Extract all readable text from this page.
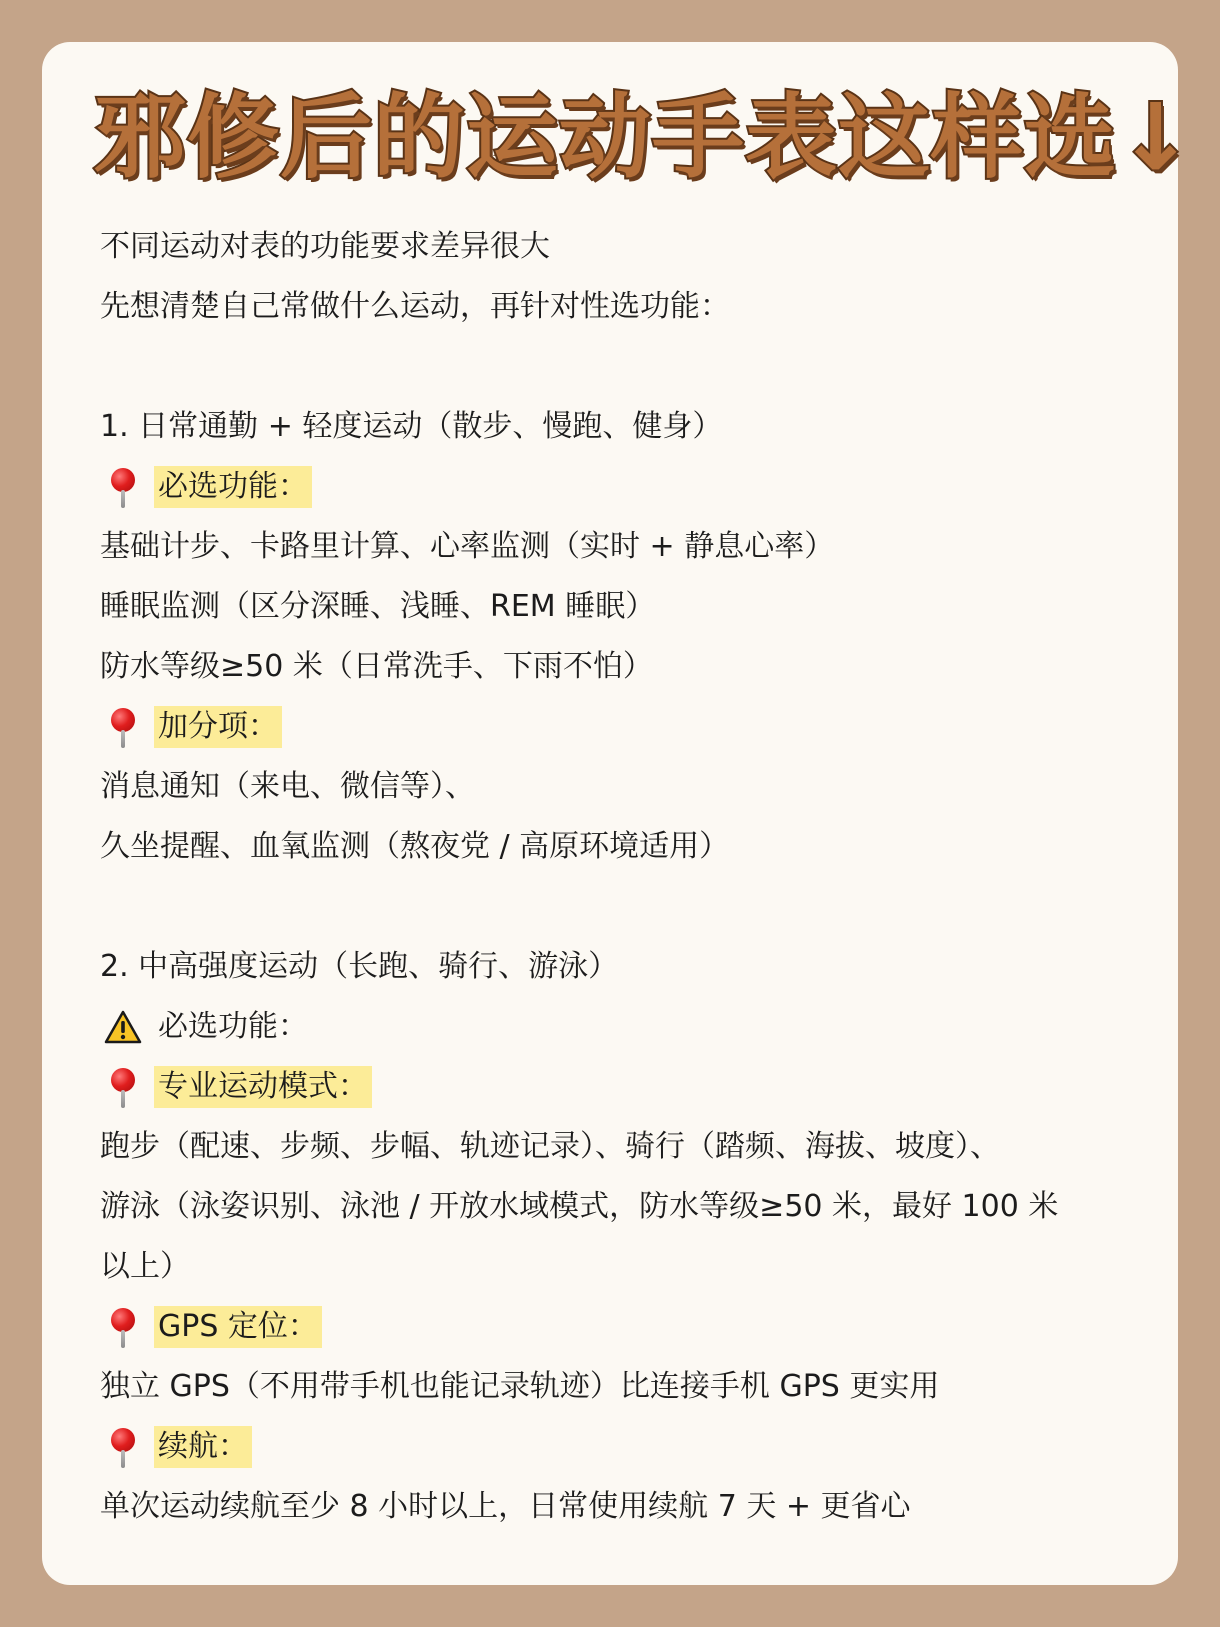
邪修后的运动手表这样选↓
不同运动对表的功能要求差异很大
先想清楚自己常做什么运动，再针对性选功能：
1. 日常通勤 + 轻度运动（散步、慢跑、健身）
必选功能：
基础计步、卡路里计算、心率监测（实时 + 静息心率）
睡眠监测（区分深睡、浅睡、REM 睡眠）
防水等级≥50 米（日常洗手、下雨不怕）
加分项：
消息通知（来电、微信等）、
久坐提醒、血氧监测（熬夜党 / 高原环境适用）
2. 中高强度运动（长跑、骑行、游泳）
必选功能：
专业运动模式：
跑步（配速、步频、步幅、轨迹记录）、骑行（踏频、海拔、坡度）、
游泳（泳姿识别、泳池 / 开放水域模式，防水等级≥50 米，最好 100 米
以上）
GPS 定位：
独立 GPS（不用带手机也能记录轨迹）比连接手机 GPS 更实用
续航：
单次运动续航至少 8 小时以上，日常使用续航 7 天 + 更省心
